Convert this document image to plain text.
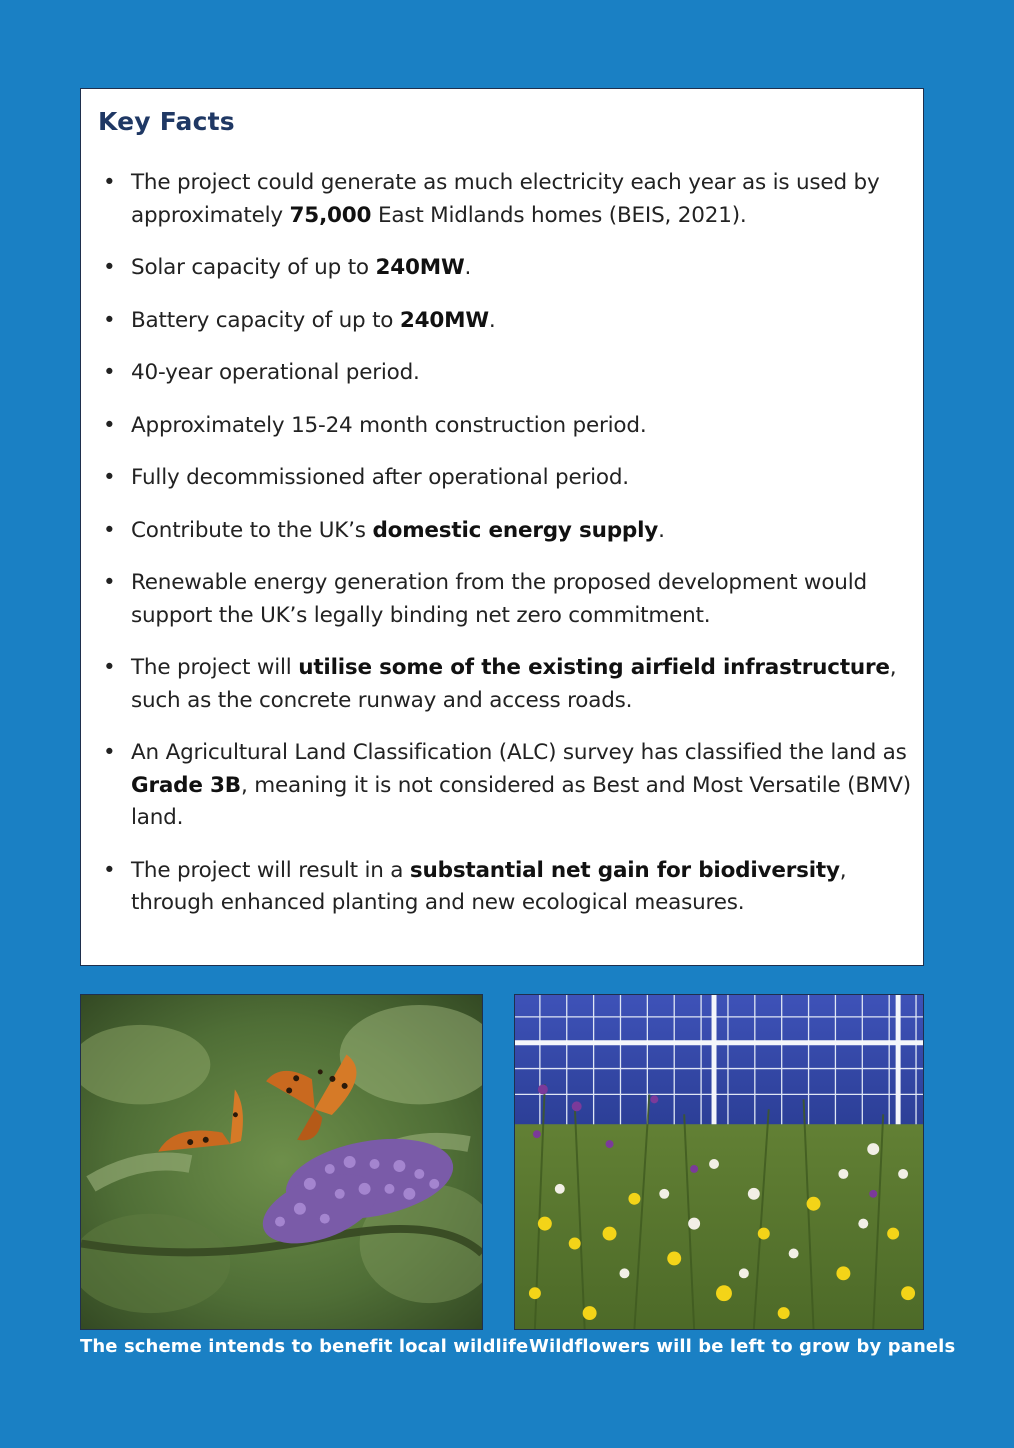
Key Facts
• The project could generate as much electricity each year as is used by approximately 75,000 East Midlands homes (BEIS, 2021).
• Solar capacity of up to 240MW.
• Battery capacity of up to 240MW.
• 40-year operational period.
• Approximately 15-24 month construction period.
• Fully decommissioned after operational period.
• Contribute to the UK’s domestic energy supply.
• Renewable energy generation from the proposed development would support the UK’s legally binding net zero commitment.
• The project will utilise some of the existing airfield infrastructure, such as the concrete runway and access roads.
• An Agricultural Land Classification (ALC) survey has classified the land as Grade 3B, meaning it is not considered as Best and Most Versatile (BMV) land.
• The project will result in a substantial net gain for biodiversity, through enhanced planting and new ecological measures.
The scheme intends to benefit local wildlife Wildflowers will be left to grow by panels
